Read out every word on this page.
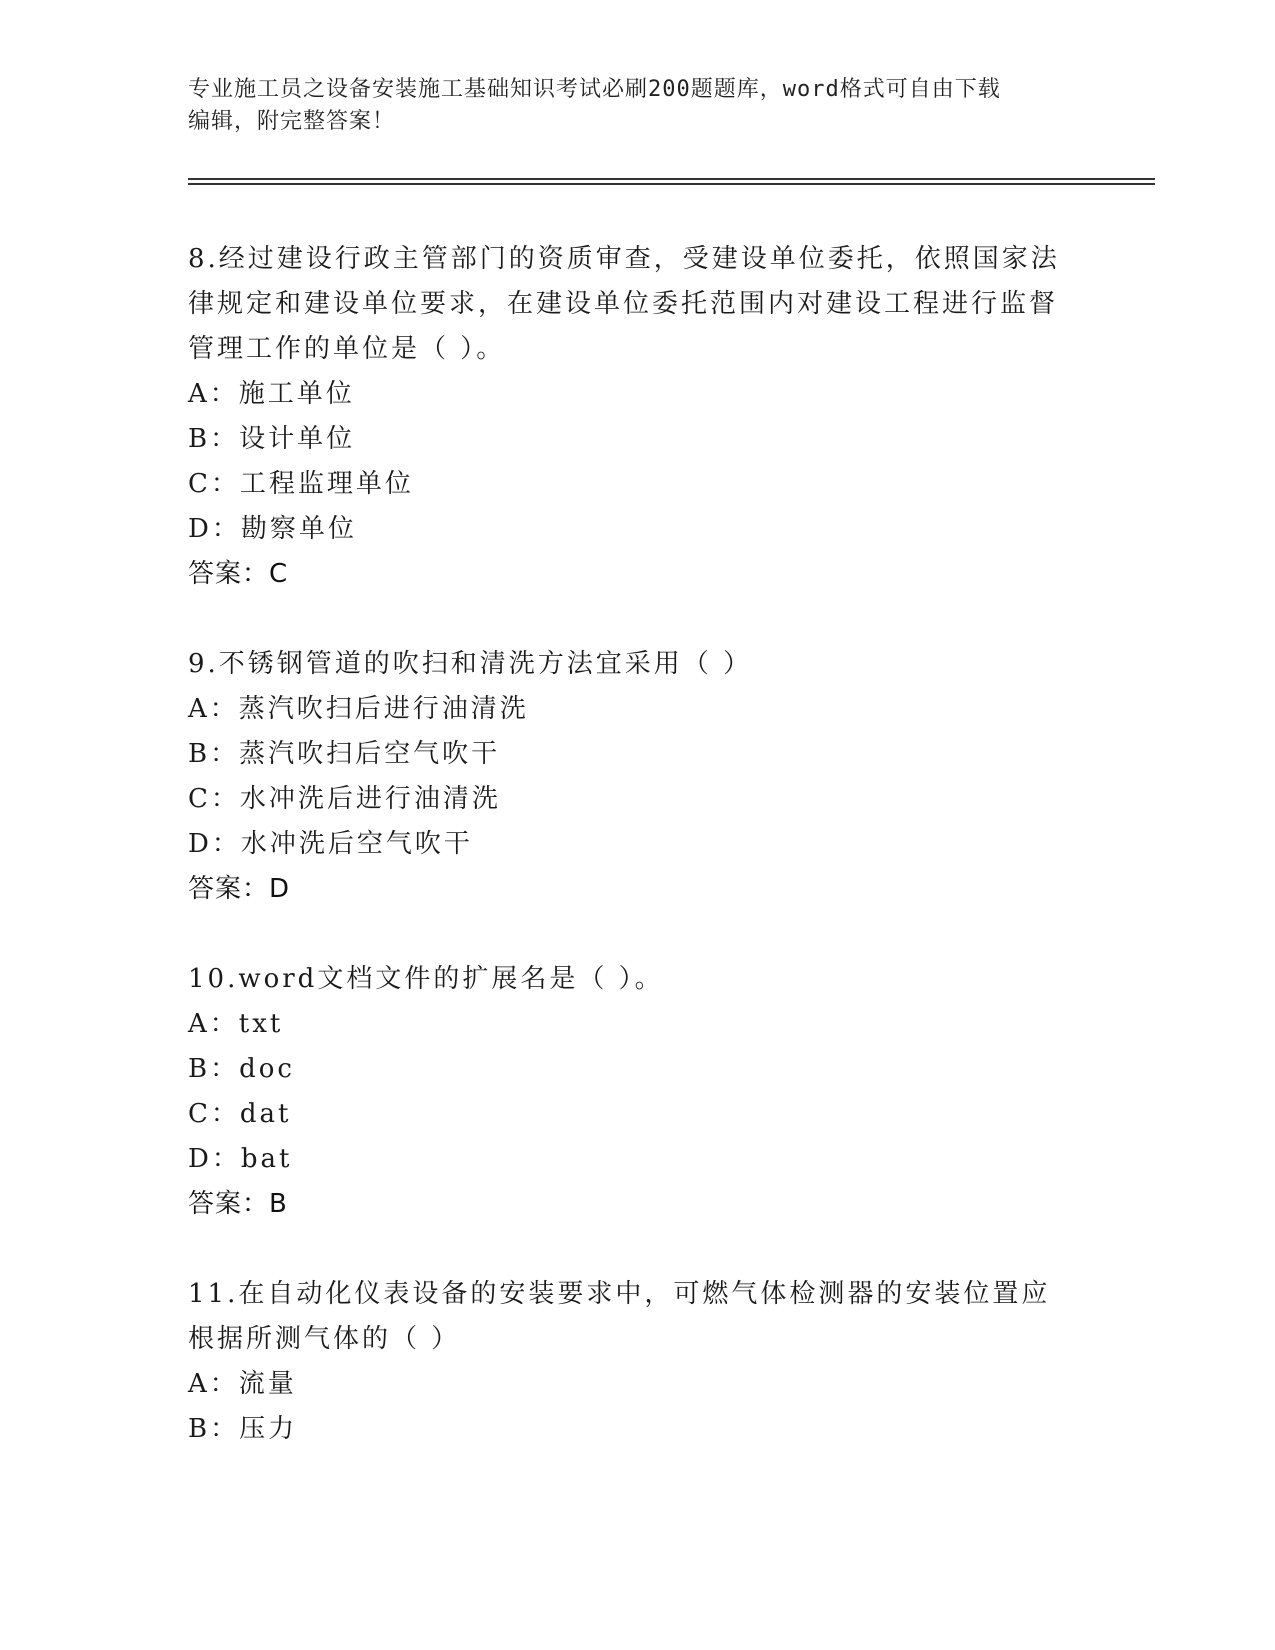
专业施工员之设备安装施工基础知识考试必刷200题题库，word格式可自由下载
编辑，附完整答案！
8.经过建设行政主管部门的资质审查，受建设单位委托，依照国家法律规定和建设单位要求，在建设单位委托范围内对建设工程进行监督管理工作的单位是（ ）。
A：施工单位
B：设计单位
C：工程监理单位
D：勘察单位
答案：C
9.不锈钢管道的吹扫和清洗方法宜采用（ ）
A：蒸汽吹扫后进行油清洗
B：蒸汽吹扫后空气吹干
C：水冲洗后进行油清洗
D：水冲洗后空气吹干
答案：D
10.word文档文件的扩展名是（ ）。
A：txt
B：doc
C：dat
D：bat
答案：B
11.在自动化仪表设备的安装要求中，可燃气体检测器的安装位置应根据所测气体的（ ）
A：流量
B：压力
